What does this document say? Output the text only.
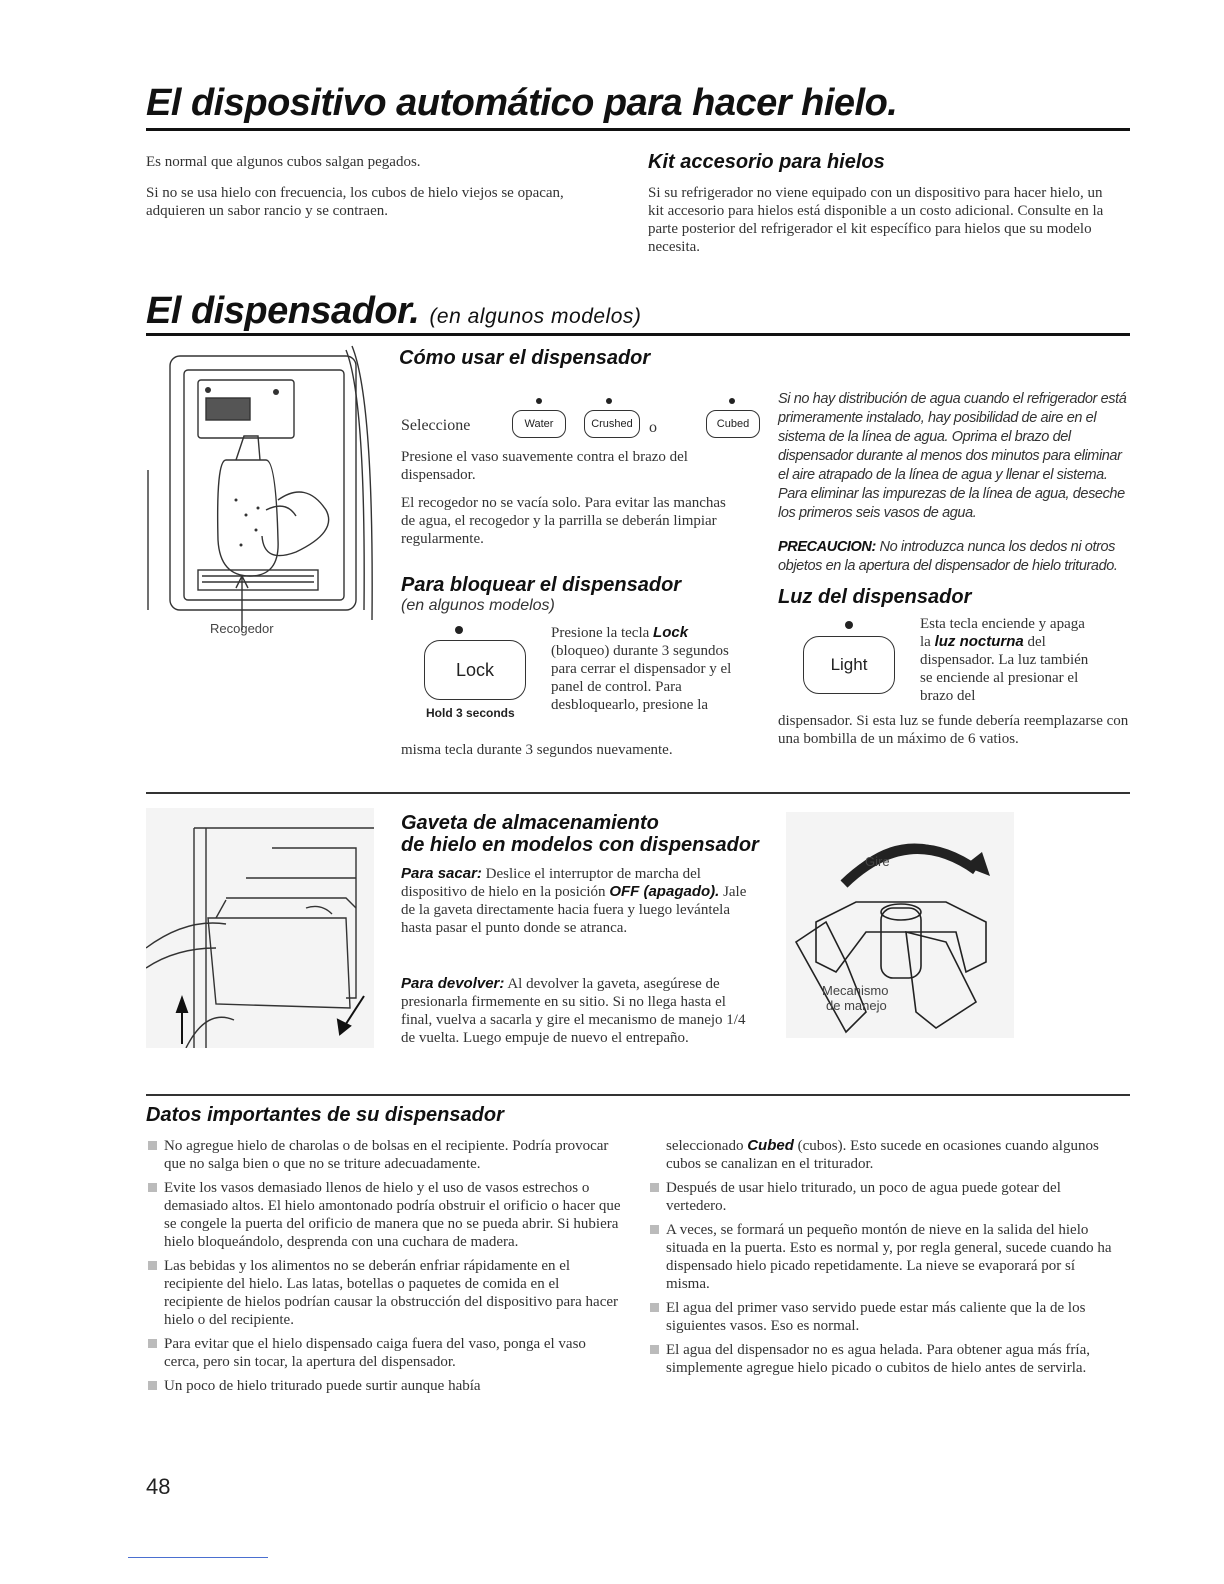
El dispositivo automático para hacer hielo.

Es normal que algunos cubos salgan pegados.

Si no se usa hielo con frecuencia, los cubos de hielo viejos se opacan, adquieren un sabor rancio y se contraen.

Kit accesorio para hielos

Si su refrigerador no viene equipado con un dispositivo para hacer hielo, un kit accesorio para hielos está disponible a un costo adicional. Consulte en la parte posterior del refrigerador el kit específico para hielos que su modelo necesita.

El dispensador. (en algunos modelos)
Recogedor
Cómo usar el dispensador
Seleccione	Water	Crushed o	Cubed

Presione el vaso suavemente contra el brazo del dispensador.

El recogedor no se vacía solo. Para evitar las manchas de agua, el recogedor y la parrilla se deberán limpiar regularmente.

Para bloquear el dispensador
(en algunos modelos)
Lock
Hold 3 seconds
Presione la tecla Lock (bloqueo) durante 3 segundos para cerrar el dispensador y el panel de control. Para desbloquearlo, presione la
misma tecla durante 3 segundos nuevamente.

Si no hay distribución de agua cuando el refrigerador está primeramente instalado, hay posibilidad de aire en el sistema de la línea de agua. Oprima el brazo del dispensador durante al menos dos minutos para eliminar el aire atrapado de la línea de agua y llenar el sistema. Para eliminar las impurezas de la línea de agua, deseche los primeros seis vasos de agua.

PRECAUCION: No introduzca nunca los dedos ni otros objetos en la apertura del dispensador de hielo triturado.

Luz del dispensador
Light
Esta tecla enciende y apaga la luz nocturna del dispensador. La luz también se enciende al presionar el brazo del

dispensador. Si esta luz se funde debería reemplazarse con una bombilla de un máximo de 6 vatios.

Gaveta de almacenamiento
de hielo en modelos con dispensador
Para sacar: Deslice el interruptor de marcha del dispositivo de hielo en la posición OFF (apagado). Jale de la gaveta directamente hacia fuera y luego levántela hasta pasar el punto donde se atranca.
Para devolver: Al devolver la gaveta, asegúrese de presionarla firmemente en su sitio. Si no llega hasta el final, vuelva a sacarla y gire el mecanismo de manejo 1/4 de vuelta. Luego empuje de nuevo el entrepaño.
Gire
Mecanismo
de manejo
Datos importantes de su dispensador

No agregue hielo de charolas o de bolsas en el recipiente. Podría provocar que no salga bien o que no se triture adecuadamente.

Evite los vasos demasiado llenos de hielo y el uso de vasos estrechos o demasiado altos. El hielo amontonado podría obstruir el orificio o hacer que se congele la puerta del orificio de manera que no se pueda abrir. Si hubiera hielo bloqueándolo, desprenda con una cuchara de madera.

Las bebidas y los alimentos no se deberán enfriar rápidamente en el recipiente del hielo. Las latas, botellas o paquetes de comida en el recipiente de hielos podrían causar la obstrucción del dispositivo para hacer hielo o del recipiente.

Para evitar que el hielo dispensado caiga fuera del vaso, ponga el vaso cerca, pero sin tocar, la apertura del dispensador.

Un poco de hielo triturado puede surtir aunque había

seleccionado Cubed (cubos). Esto sucede en ocasiones cuando algunos cubos se canalizan en el triturador.

Después de usar hielo triturado, un poco de agua puede gotear del vertedero.

A veces, se formará un pequeño montón de nieve en la salida del hielo situada en la puerta. Esto es normal y, por regla general, sucede cuando ha dispensado hielo picado repetidamente. La nieve se evaporará por sí misma.

El agua del primer vaso servido puede estar más caliente que la de los siguientes vasos. Eso es normal.

El agua del dispensador no es agua helada. Para obtener agua más fría, simplemente agregue hielo picado o cubitos de hielo antes de servirla.

48
